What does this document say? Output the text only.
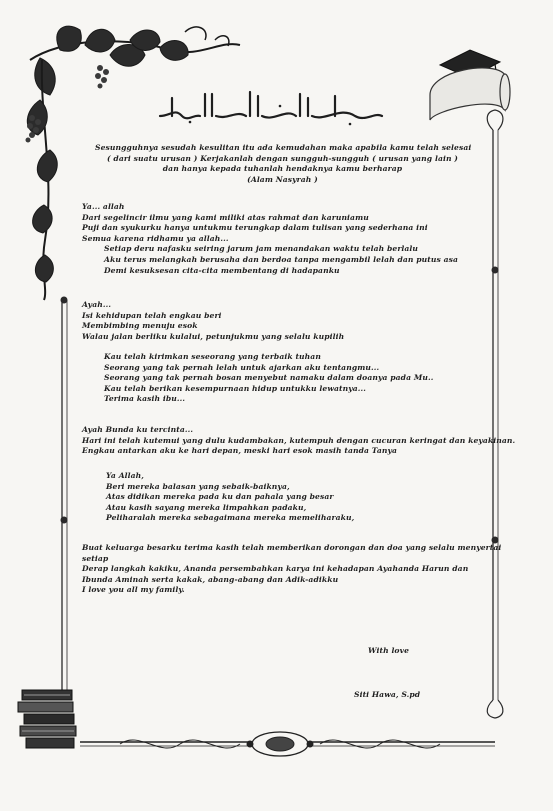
Sesungguhnya sesudah kesulitan itu ada kemudahan maka apabila kamu telah selesai
( dari suatu urusan ) Kerjakanlah dengan sungguh-sungguh ( urusan yang lain )
dan hanya kepada tuhanlah hendaknya kamu berharap
(Alam Nasyrah )
Ya... allah
Dari segelincir ilmu yang kami miliki atas rahmat dan karuniamu
Puji dan syukurku hanya untukmu terungkap dalam tulisan yang sederhana ini
Semua karena ridhamu ya allah...
Setiap deru nafasku seiring jarum jam menandakan waktu telah berlalu
Aku terus melangkah berusaha dan berdoa tanpa mengambil lelah dan putus asa
Demi kesuksesan cita-cita membentang di hadapanku
Ayah...
Isi kehidupan telah engkau beri
Membimbing menuju esok
Walau jalan berliku kulalui, petunjukmu yang selalu kupilih
Kau telah kirimkan seseorang yang terbaik tuhan
Seorang yang tak pernah lelah untuk ajarkan aku tentangmu...
Seorang yang tak pernah bosan menyebut namaku dalam doanya pada Mu..
Kau telah berikan kesempurnaan hidup untukku lewatnya...
Terima kasih ibu...
Ayah Bunda ku tercinta...
Hari ini telah kutemui yang dulu kudambakan, kutempuh dengan cucuran keringat dan keyakinan.
Engkau antarkan aku ke hari depan, meski hari esok masih tanda Tanya
Ya Allah,
Beri mereka balasan yang sebaik-baiknya,
Atas didikan mereka pada ku dan pahala yang besar
Atau kasih sayang mereka limpahkan padaku,
Peliharalah mereka sebagaimana mereka memeliharaku,
Buat keluarga besarku terima kasih telah memberikan dorongan dan doa yang selalu menyertai
setiap
Derap langkah kakiku, Ananda persembahkan karya ini kehadapan Ayahanda Harun dan
Ibunda Aminah serta kakak, abang-abang dan Adik-adikku
I love you all my family.
With love
Siti Hawa, S.pd
